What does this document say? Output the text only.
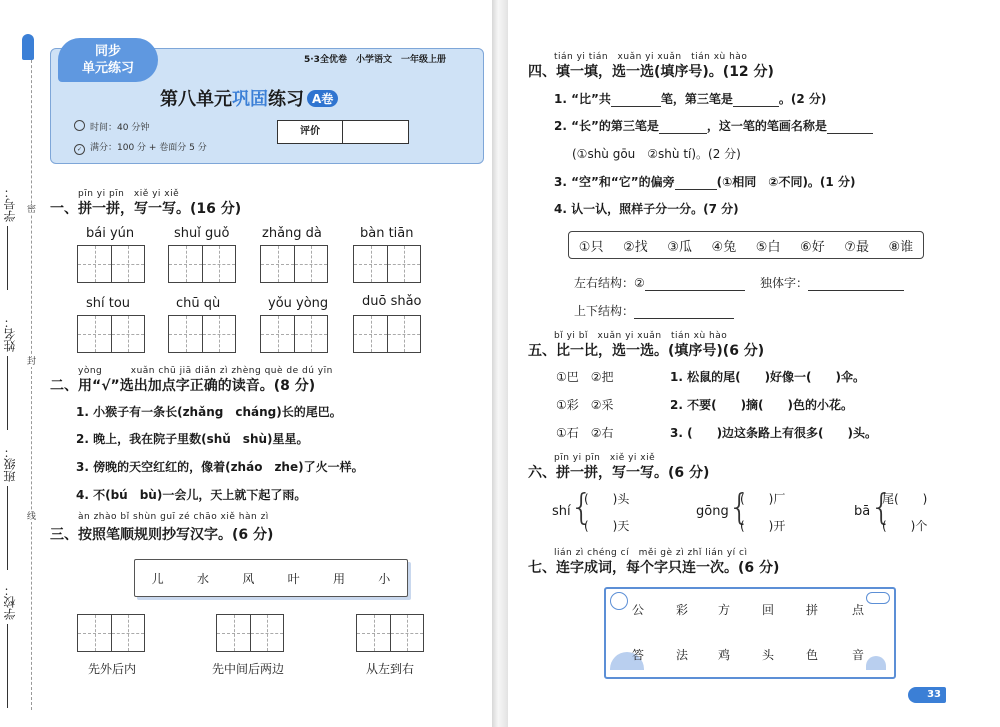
学号：
姓名：
班级：
学校：
密
封
线
同步
单元练习
5·3全优卷　小学语文　一年级上册
第八单元巩固练习 A卷
时间：40 分钟
✓ 满分：100 分 + 卷面分 5 分
评价
pīn yi pīn　xiě yi xiě
一、拼一拼，写一写。(16 分)
bái yún	shuǐ guǒ	zhǎng dà	bàn tiān
shí tou	chū qù	yǒu yòng	duō shǎo
yòng　　　xuǎn chū jiā diǎn zì zhèng què de dú yīn
二、用“√”选出加点字正确的读音。(8 分)
1. 小猴子有一条长(zhǎng　cháng)长的尾巴。
2. 晚上，我在院子里数(shǔ　shù)星星。
3. 傍晚的天空红红的，像着(zháo　zhe)了火一样。
4. 不(bú　bù)一会儿，天上就下起了雨。
àn zhào bǐ shùn guī zé chāo xiě hàn zì
三、按照笔顺规则抄写汉字。(6 分)
儿	水	风	叶	用	小
先外后内	先中间后两边	从左到右
tián yi tián　xuǎn yi xuǎn　tián xù hào
四、填一填，选一选(填序号)。(12 分)
1. “比”共	笔，第三笔是	。(2 分)
2. “长”的第三笔是	，这一笔的笔画名称是
(①shù gōu　②shù tí)。(2 分)
3. “空”和“它”的偏旁	(①相同　②不同)。(1 分)
4. 认一认，照样子分一分。(7 分)
①只 ②找 ③瓜 ④兔 ⑤白 ⑥好 ⑦最 ⑧谁
左右结构：②	独体字：
上下结构：
bǐ yi bǐ　xuǎn yi xuǎn　tián xù hào
五、比一比，选一选。(填序号)(6 分)
①巴　②把	1. 松鼠的尾(　　)好像一(　　)伞。
①彩　②采	2. 不要(　　)摘(　　)色的小花。
①石　②右	3. (　　)边这条路上有很多(　　)头。
pīn yi pīn　xiě yi xiě
六、拼一拼，写一写。(6 分)
shí {
(　　)头
(　　)天
gōng {
(　　)厂
(　　)开
bā {
尾(　　)
(　　)个
lián zì chéng cí　měi gè zì zhǐ lián yí cì
七、连字成词，每个字只连一次。(6 分)
公	彩 方	回	拼	点
答	法 鸡	头	色	音
33
